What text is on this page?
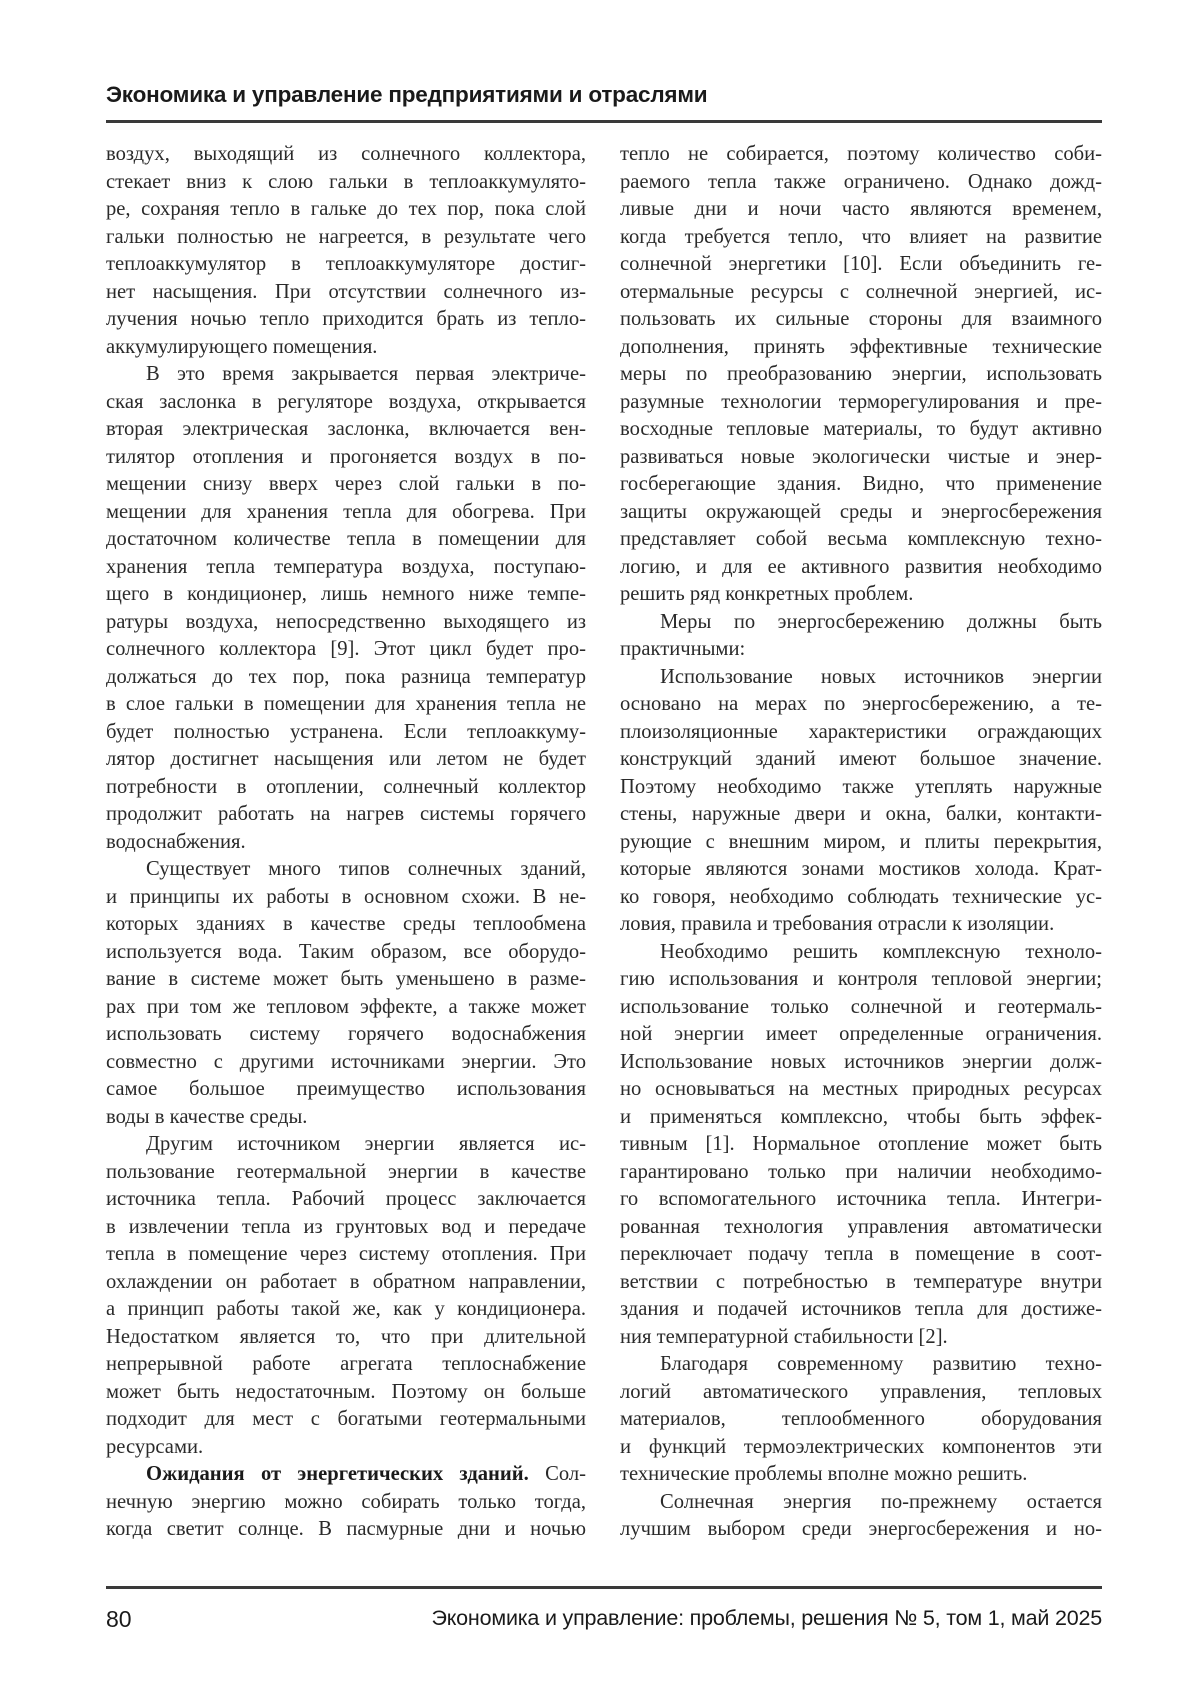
Экономика и управление предприятиями и отраслями
воздух, выходящий из солнечного коллектора,
стекает вниз к слою гальки в теплоаккумулято-
ре, сохраняя тепло в гальке до тех пор, пока слой
гальки полностью не нагреется, в результате чего
теплоаккумулятор в теплоаккумуляторе достиг-
нет насыщения. При отсутствии солнечного из-
лучения ночью тепло приходится брать из тепло-
аккумулирующего помещения.
В это время закрывается первая электриче-
ская заслонка в регуляторе воздуха, открывается
вторая электрическая заслонка, включается вен-
тилятор отопления и прогоняется воздух в по-
мещении снизу вверх через слой гальки в по-
мещении для хранения тепла для обогрева. При
достаточном количестве тепла в помещении для
хранения тепла температура воздуха, поступаю-
щего в кондиционер, лишь немного ниже темпе-
ратуры воздуха, непосредственно выходящего из
солнечного коллектора [9]. Этот цикл будет про-
должаться до тех пор, пока разница температур
в слое гальки в помещении для хранения тепла не
будет полностью устранена. Если теплоаккуму-
лятор достигнет насыщения или летом не будет
потребности в отоплении, солнечный коллектор
продолжит работать на нагрев системы горячего
водоснабжения.
Существует много типов солнечных зданий,
и принципы их работы в основном схожи. В не-
которых зданиях в качестве среды теплообмена
используется вода. Таким образом, все оборудо-
вание в системе может быть уменьшено в разме-
рах при том же тепловом эффекте, а также может
использовать систему горячего водоснабжения
совместно с другими источниками энергии. Это
самое большое преимущество использования
воды в качестве среды.
Другим источником энергии является ис-
пользование геотермальной энергии в качестве
источника тепла. Рабочий процесс заключается
в извлечении тепла из грунтовых вод и передаче
тепла в помещение через систему отопления. При
охлаждении он работает в обратном направлении,
а принцип работы такой же, как у кондиционера.
Недостатком является то, что при длительной
непрерывной работе агрегата теплоснабжение
может быть недостаточным. Поэтому он больше
подходит для мест с богатыми геотермальными
ресурсами.
Ожидания от энергетических зданий. Сол-
нечную энергию можно собирать только тогда,
когда светит солнце. В пасмурные дни и ночью
тепло не собирается, поэтому количество соби-
раемого тепла также ограничено. Однако дожд-
ливые дни и ночи часто являются временем,
когда требуется тепло, что влияет на развитие
солнечной энергетики [10]. Если объединить ге-
отермальные ресурсы с солнечной энергией, ис-
пользовать их сильные стороны для взаимного
дополнения, принять эффективные технические
меры по преобразованию энергии, использовать
разумные технологии терморегулирования и пре-
восходные тепловые материалы, то будут активно
развиваться новые экологически чистые и энер-
госберегающие здания. Видно, что применение
защиты окружающей среды и энергосбережения
представляет собой весьма комплексную техно-
логию, и для ее активного развития необходимо
решить ряд конкретных проблем.
Меры по энергосбережению должны быть
практичными:
Использование новых источников энергии
основано на мерах по энергосбережению, а те-
плоизоляционные характеристики ограждающих
конструкций зданий имеют большое значение.
Поэтому необходимо также утеплять наружные
стены, наружные двери и окна, балки, контакти-
рующие с внешним миром, и плиты перекрытия,
которые являются зонами мостиков холода. Крат-
ко говоря, необходимо соблюдать технические ус-
ловия, правила и требования отрасли к изоляции.
Необходимо решить комплексную техноло-
гию использования и контроля тепловой энергии;
использование только солнечной и геотермаль-
ной энергии имеет определенные ограничения.
Использование новых источников энергии долж-
но основываться на местных природных ресурсах
и применяться комплексно, чтобы быть эффек-
тивным [1]. Нормальное отопление может быть
гарантировано только при наличии необходимо-
го вспомогательного источника тепла. Интегри-
рованная технология управления автоматически
переключает подачу тепла в помещение в соот-
ветствии с потребностью в температуре внутри
здания и подачей источников тепла для достиже-
ния температурной стабильности [2].
Благодаря современному развитию техно-
логий автоматического управления, тепловых
материалов, теплообменного оборудования
и функций термоэлектрических компонентов эти
технические проблемы вполне можно решить.
Солнечная энергия по-прежнему остается
лучшим выбором среди энергосбережения и но-
80	Экономика и управление: проблемы, решения № 5, том 1, май 2025
